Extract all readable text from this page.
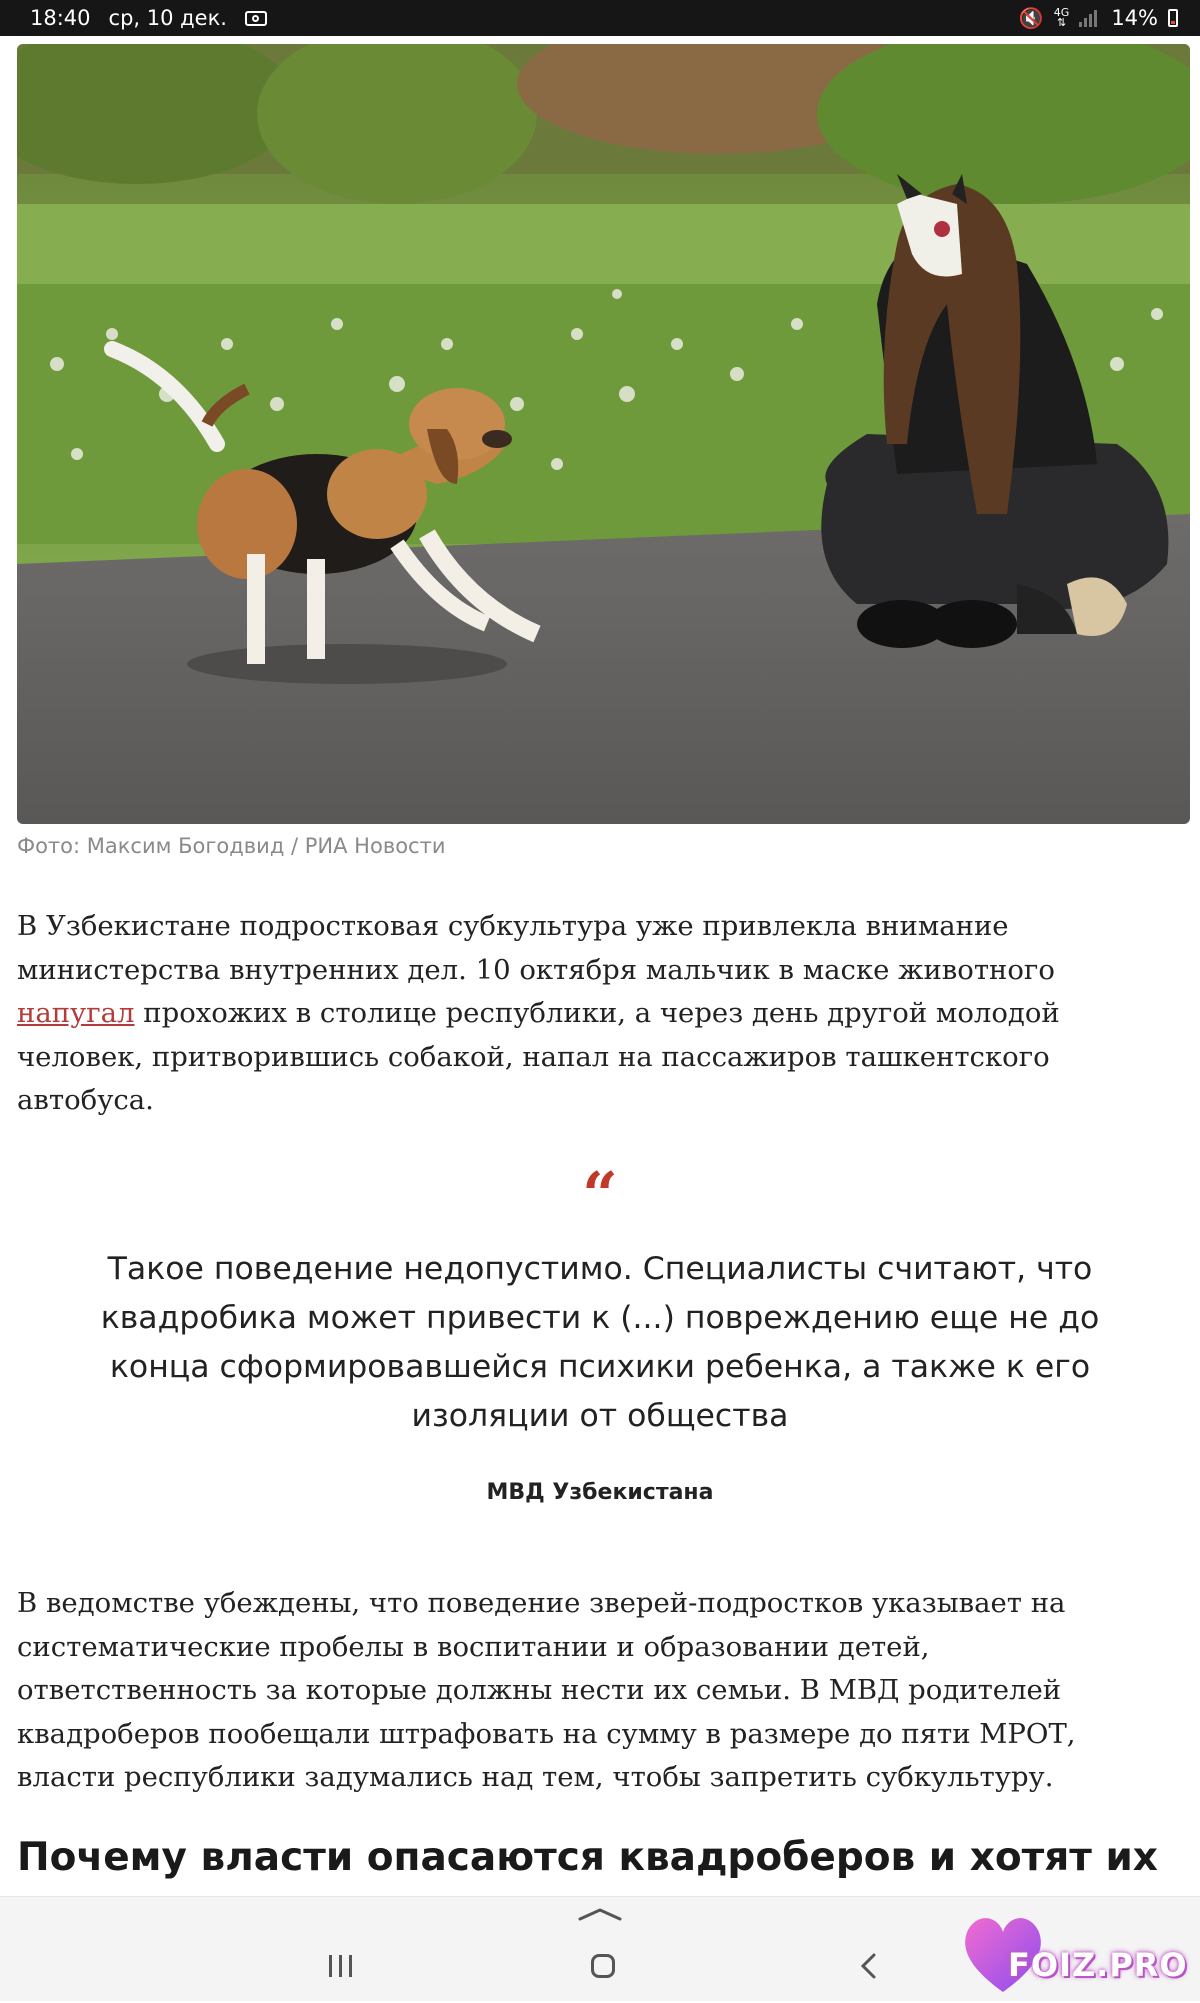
18:40 ср, 10 дек.	🔇 4G
⇅ 14%
Фото: Максим Богодвид / РИА Новости
В Узбекистане подростковая субкультура уже привлекла внимание министерства внутренних дел. 10 октября мальчик в маске животного напугал прохожих в столице республики, а через день другой молодой человек, притворившись собакой, напал на пассажиров ташкентского автобуса.
“
Такое поведение недопустимо. Специалисты считают, что квадробика может привести к (...) повреждению еще не до конца сформировавшейся психики ребенка, а также к его изоляции от общества
МВД Узбекистана
В ведомстве убеждены, что поведение зверей-подростков указывает на систематические пробелы в воспитании и образовании детей, ответственность за которые должны нести их семьи. В МВД родителей квадроберов пообещали штрафовать на сумму в размере до пяти МРОТ, власти республики задумались над тем, чтобы запретить субкультуру.
Почему власти опасаются квадроберов и хотят их
FOIZ.PRO
